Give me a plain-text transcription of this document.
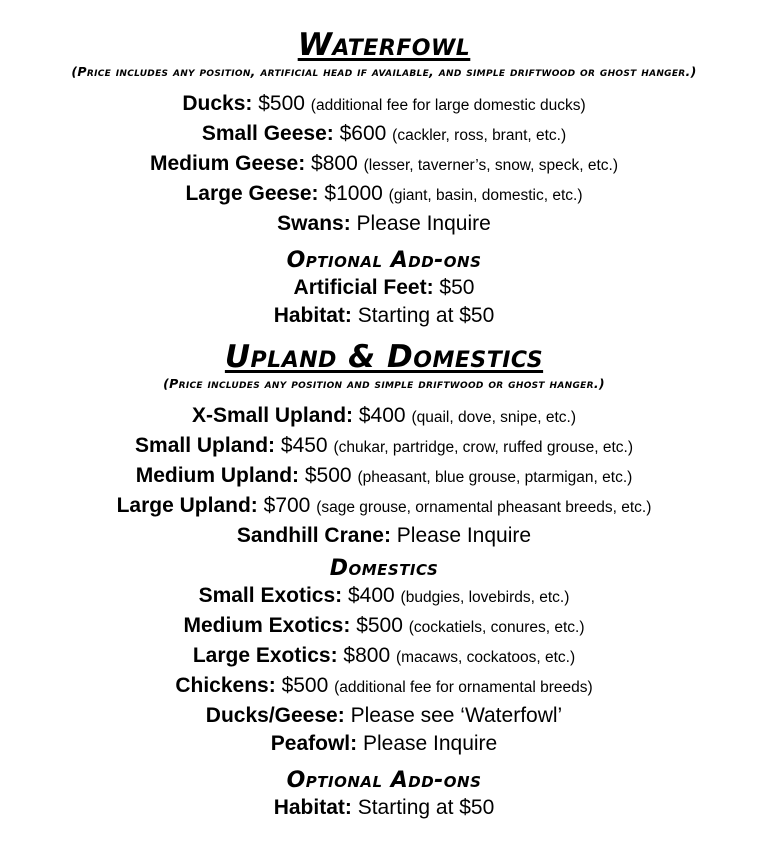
Waterfowl

(Price includes any position, artificial head if available, and simple driftwood or ghost hanger.)

Ducks: $500 (additional fee for large domestic ducks)

Small Geese: $600 (cackler, ross, brant, etc.)

Medium Geese: $800 (lesser, taverner’s, snow, speck, etc.)

Large Geese: $1000 (giant, basin, domestic, etc.)

Swans: Please Inquire

Optional Add-ons

Artificial Feet: $50

Habitat: Starting at $50

Upland & Domestics

(Price includes any position and simple driftwood or ghost hanger.)

X-Small Upland: $400 (quail, dove, snipe, etc.)

Small Upland: $450 (chukar, partridge, crow, ruffed grouse, etc.)

Medium Upland: $500 (pheasant, blue grouse, ptarmigan, etc.)

Large Upland: $700 (sage grouse, ornamental pheasant breeds, etc.)

Sandhill Crane: Please Inquire

Domestics

Small Exotics: $400 (budgies, lovebirds, etc.)

Medium Exotics: $500 (cockatiels, conures, etc.)

Large Exotics: $800 (macaws, cockatoos, etc.)

Chickens: $500 (additional fee for ornamental breeds)

Ducks/Geese: Please see ‘Waterfowl’

Peafowl: Please Inquire

Optional Add-ons

Habitat: Starting at $50
